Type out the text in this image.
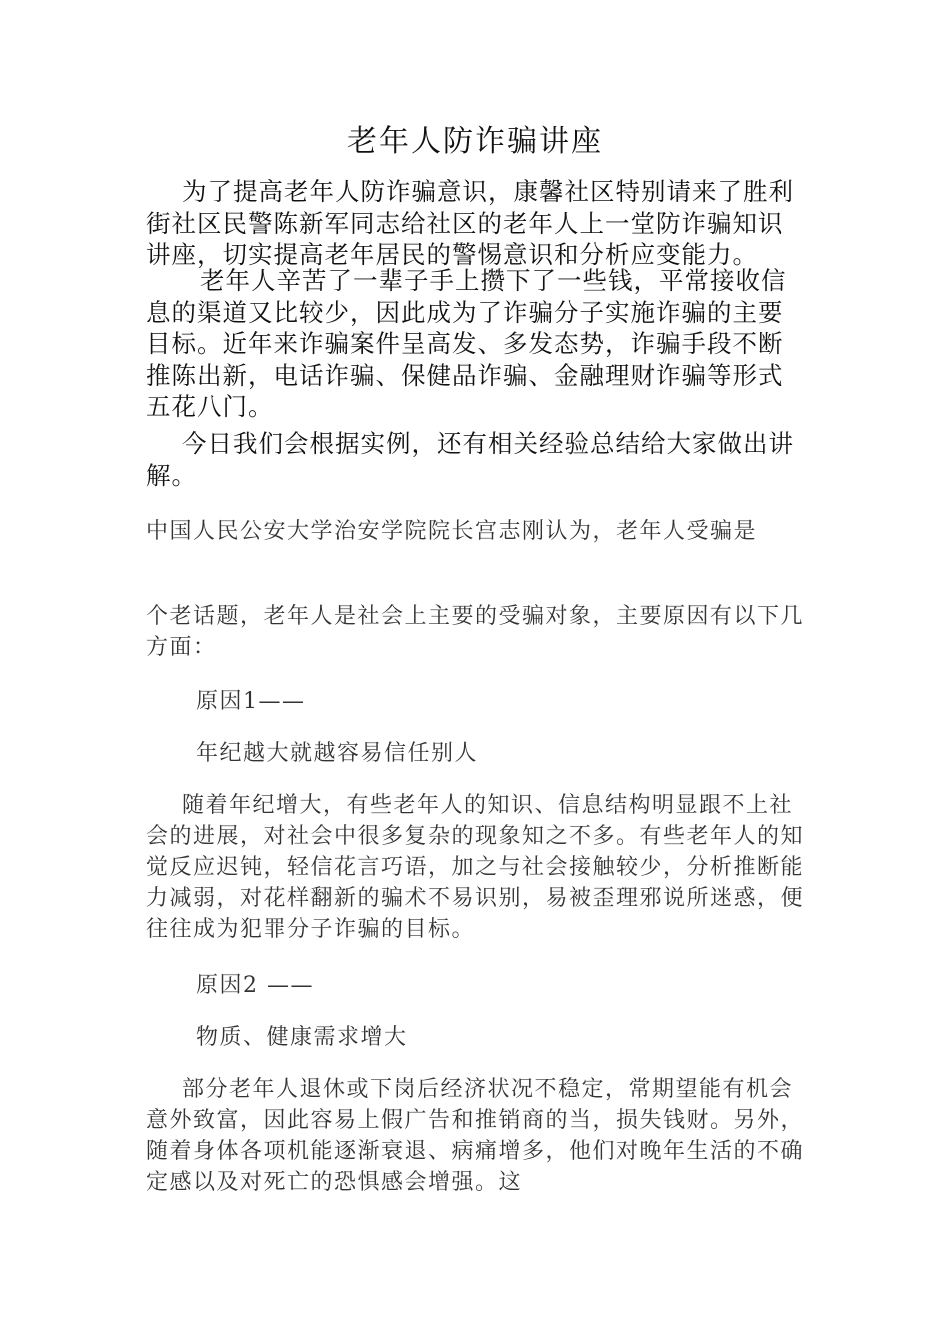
老年人防诈骗讲座

为了提高老年人防诈骗意识，康馨社区特别请来了胜利街社区民警陈新军同志给社区的老年人上一堂防诈骗知识讲座，切实提高老年居民的警惕意识和分析应变能力。

老年人辛苦了一辈子手上攒下了一些钱，平常接收信息的渠道又比较少，因此成为了诈骗分子实施诈骗的主要目标。近年来诈骗案件呈高发、多发态势，诈骗手段不断推陈出新，电话诈骗、保健品诈骗、金融理财诈骗等形式五花八门。

今日我们会根据实例，还有相关经验总结给大家做出讲解。

中国人民公安大学治安学院院长宫志刚认为，老年人受骗是

个老话题，老年人是社会上主要的受骗对象，主要原因有以下几方面：

原因1——

年纪越大就越容易信任别人

随着年纪增大，有些老年人的知识、信息结构明显跟不上社会的进展，对社会中很多复杂的现象知之不多。有些老年人的知觉反应迟钝，轻信花言巧语，加之与社会接触较少，分析推断能力减弱，对花样翻新的骗术不易识别，易被歪理邪说所迷惑，便往往成为犯罪分子诈骗的目标。

原因2 ——

物质、健康需求增大

部分老年人退休或下岗后经济状况不稳定，常期望能有机会意外致富，因此容易上假广告和推销商的当，损失钱财。另外，随着身体各项机能逐渐衰退、病痛增多，他们对晚年生活的不确定感以及对死亡的恐惧感会增强。这
